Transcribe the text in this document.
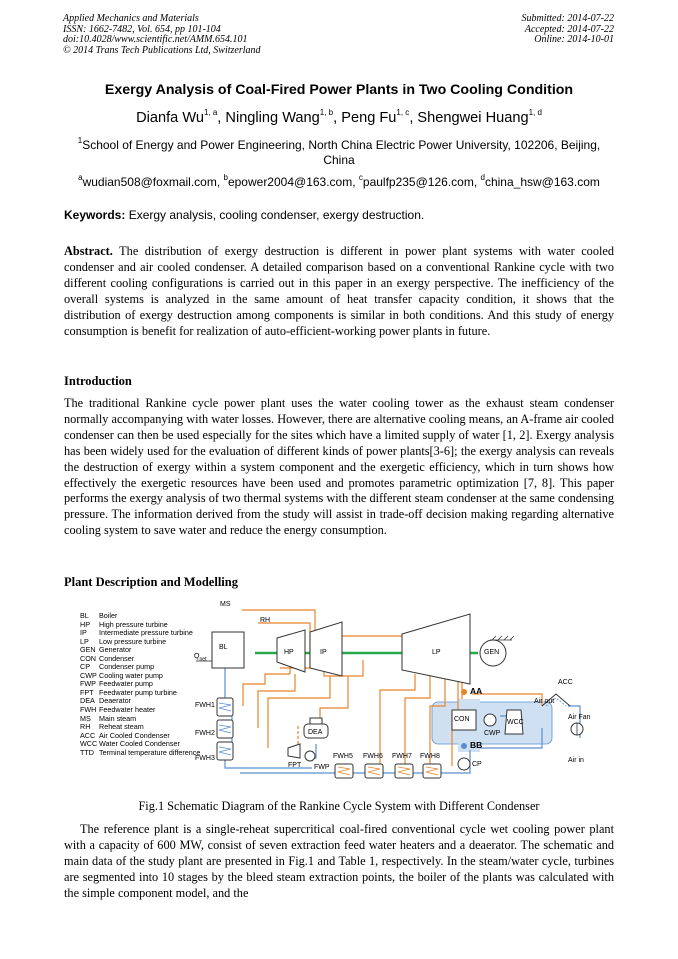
Applied Mechanics and Materials
ISSN: 1662-7482, Vol. 654, pp 101-104
doi:10.4028/www.scientific.net/AMM.654.101
© 2014 Trans Tech Publications Ltd, Switzerland
Submitted: 2014-07-22
Accepted: 2014-07-22
Online: 2014-10-01
Exergy Analysis of Coal-Fired Power Plants in Two Cooling Condition
Dianfa Wu$^{1, a}$, Ningling Wang$^{1, b}$, Peng Fu$^{1, c}$, Shengwei Huang$^{1, d}$
$^1$School of Energy and Power Engineering, North China Electric Power University, 102206, Beijing, China
$^a$wudian508@foxmail.com, $^b$epower2004@163.com, $^c$paulfp235@126.com, $^d$china_hsw@163.com
Keywords: Exergy analysis, cooling condenser, exergy destruction.
Abstract. The distribution of exergy destruction is different in power plant systems with water cooled condenser and air cooled condenser. A detailed comparison based on a conventional Rankine cycle with two different cooling configurations is carried out in this paper in an exergy perspective. The inefficiency of the overall systems is analyzed in the same amount of heat transfer capacity condition, it shows that the distribution of exergy destruction among components is similar in both conditions. And this study of energy consumption is benefit for realization of auto-efficient-working power plants in future.
Introduction
The traditional Rankine cycle power plant uses the water cooling tower as the exhaust steam condenser normally accompanying with water losses. However, there are alternative cooling means, an A-frame air cooled condenser can then be used especially for the sites which have a limited supply of water [1, 2]. Exergy analysis has been widely used for the evaluation of different kinds of power plants[3-6]; the exergy analysis can reveals the destruction of exergy within a system component and the exergetic efficiency, which in turn shows how effectively the exergetic resources have been used and promotes parametric optimization [7, 8]. This paper performs the exergy analysis of two thermal systems with the different steam condenser at the same condensing pressure. The information derived from the study will assist in trade-off decision making regarding alternative cooling system to save water and reduce the energy consumption.
Plant Description and Modelling
BL Boiler
HP High pressure turbine
IP Intermediate pressure turbine
LP Low pressure turbine
GEN Generator
CON Condenser
CP Condenser pump
CWP Cooling water pump
FWP Feedwater pump
FPT Feedwater pump turbine
DEA Deaerator
FWH Feedwater heater
MS Main steam
RH Reheat steam
ACC Air Cooled Condenser
WCC Water Cooled Condenser
TTD Terminal temperature difference
MS
RH
BL
$Q_{net}$
HP	IP	LP	GEN
FWH1
FWH2
FWH3
DEA
FPT FWP
FWH5 FWH6 FWH7 FWH8
AA
BB
CON	WCC
CWP
CP
ACC
Air out
Air Fan
Air in
Fig.1 Schematic Diagram of the Rankine Cycle System with Different Condenser
The reference plant is a single-reheat supercritical coal-fired conventional cycle wet cooling power plant with a capacity of 600 MW, consist of seven extraction feed water heaters and a deaerator. The schematic and main data of the study plant are presented in Fig.1 and Table 1, respectively. In the steam/water cycle, turbines are segmented into 10 stages by the bleed steam extraction points, the boiler of the plants was calculated with the simple component model, and the
